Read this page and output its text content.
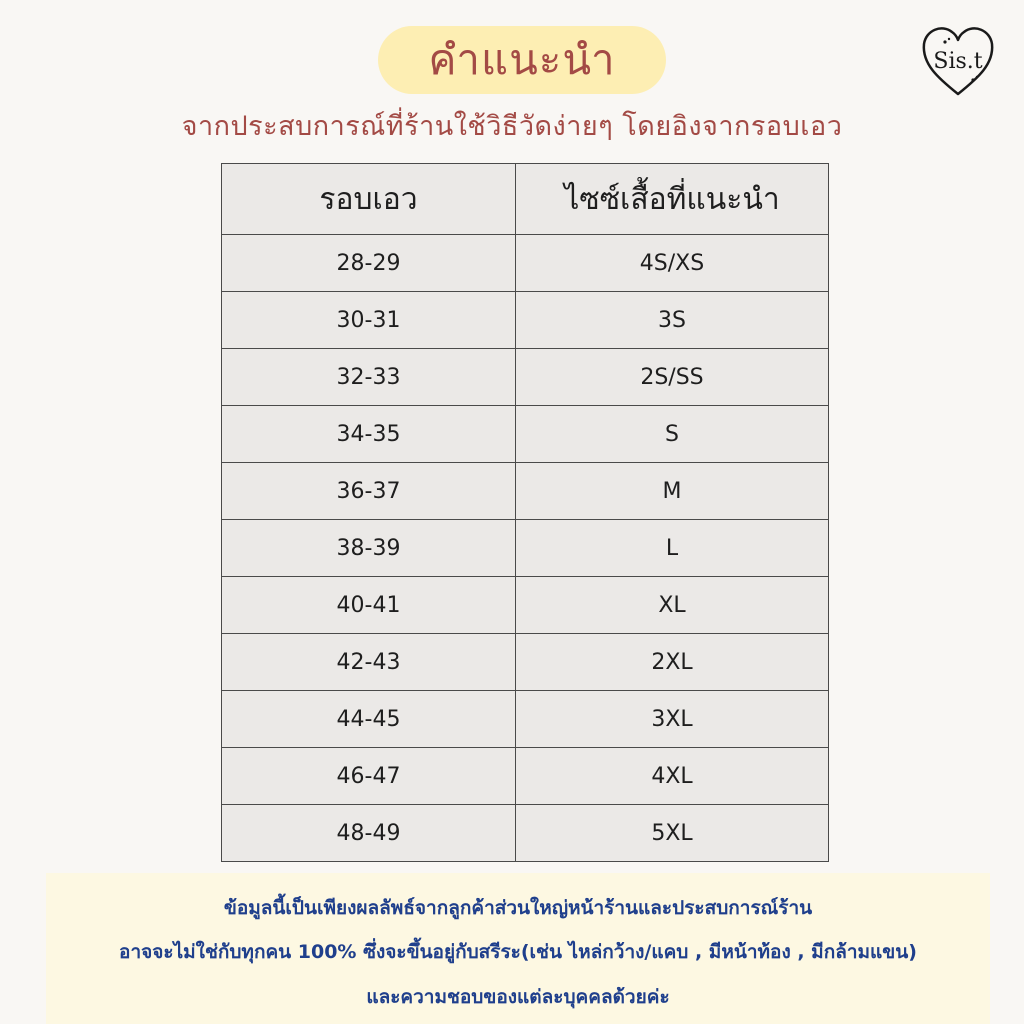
คำแนะนำ	Sis.t
จากประสบการณ์ที่ร้านใช้วิธีวัดง่ายๆ โดยอิงจากรอบเอว
รอบเอว	ไซซ์เสื้อที่แนะนำ
28-29	4S/XS
30-31	3S
32-33	2S/SS
34-35	S
36-37	M
38-39	L
40-41	XL
42-43	2XL
44-45	3XL
46-47	4XL
48-49	5XL

ข้อมูลนี้เป็นเพียงผลลัพธ์จากลูกค้าส่วนใหญ่หน้าร้านและประสบการณ์ร้าน

อาจจะไม่ใช่กับทุกคน 100% ซึ่งจะขึ้นอยู่กับสรีระ(เช่น ไหล่กว้าง/แคบ , มีหน้าท้อง , มีกล้ามแขน)

และความชอบของแต่ละบุคคลด้วยค่ะ
